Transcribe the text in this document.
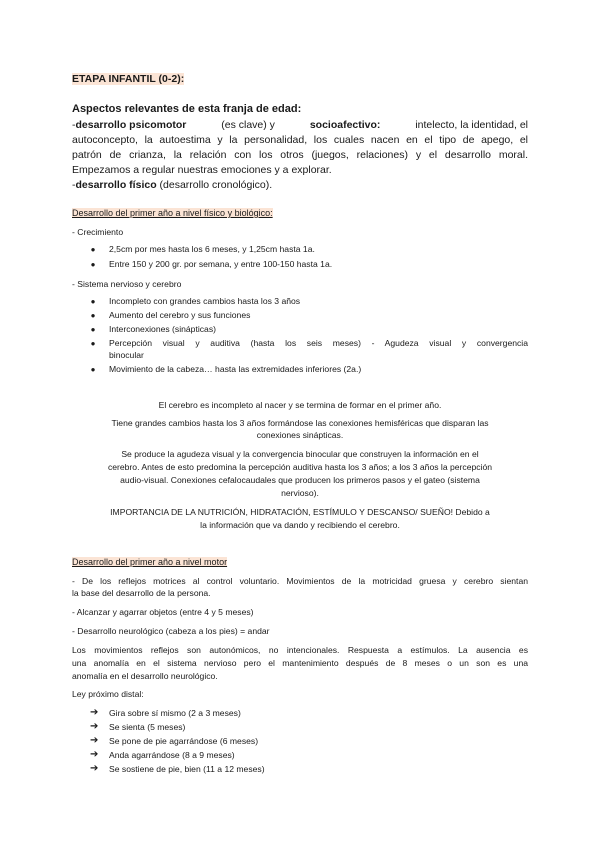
ETAPA INFANTIL (0-2):
Aspectos relevantes de esta franja de edad:
-desarrollo psicomotor	(es clave) y	socioafectivo:	intelecto, la identidad, el
autoconcepto, la autoestima y la personalidad, los cuales nacen en el tipo de apego, el
patrón de crianza, la relación con los otros (juegos, relaciones) y el desarrollo moral.
Empezamos a regular nuestras emociones y a explorar.
-desarrollo físico (desarrollo cronológico).
Desarrollo del primer año a nivel físico y biológico:
- Crecimiento
● 2,5cm por mes hasta los 6 meses, y 1,25cm hasta 1a.
● Entre 150 y 200 gr. por semana, y entre 100-150 hasta 1a.
- Sistema nervioso y cerebro
● Incompleto con grandes cambios hasta los 3 años
● Aumento del cerebro y sus funciones
● Interconexiones (sinápticas)
● Percepción visual y auditiva (hasta los seis meses) - Agudeza visual y convergencia
binocular
● Movimiento de la cabeza… hasta las extremidades inferiores (2a.)
El cerebro es incompleto al nacer y se termina de formar en el primer año.
Tiene grandes cambios hasta los 3 años formándose las conexiones hemisféricas que disparan las
conexiones sinápticas.
Se produce la agudeza visual y la convergencia binocular que construyen la información en el
cerebro. Antes de esto predomina la percepción auditiva hasta los 3 años; a los 3 años la percepción
audio-visual. Conexiones cefalocaudales que producen los primeros pasos y el gateo (sistema
nervioso).
IMPORTANCIA DE LA NUTRICIÓN, HIDRATACIÓN, ESTÍMULO Y DESCANSO/ SUEÑO! Debido a
la información que va dando y recibiendo el cerebro.
Desarrollo del primer año a nivel motor
- De los reflejos motrices al control voluntario. Movimientos de la motricidad gruesa y cerebro sientan
la base del desarrollo de la persona.
- Alcanzar y agarrar objetos (entre 4 y 5 meses)
- Desarrollo neurológico (cabeza a los pies) = andar
Los movimientos reflejos son autonómicos, no intencionales. Respuesta a estímulos. La ausencia es
una anomalía en el sistema nervioso pero el mantenimiento después de 8 meses o un son es una
anomalía en el desarrollo neurológico.
Ley próximo distal:
➔ Gira sobre sí mismo (2 a 3 meses)
➔ Se sienta (5 meses)
➔ Se pone de pie agarrándose (6 meses)
➔ Anda agarrándose (8 a 9 meses)
➔ Se sostiene de pie, bien (11 a 12 meses)
